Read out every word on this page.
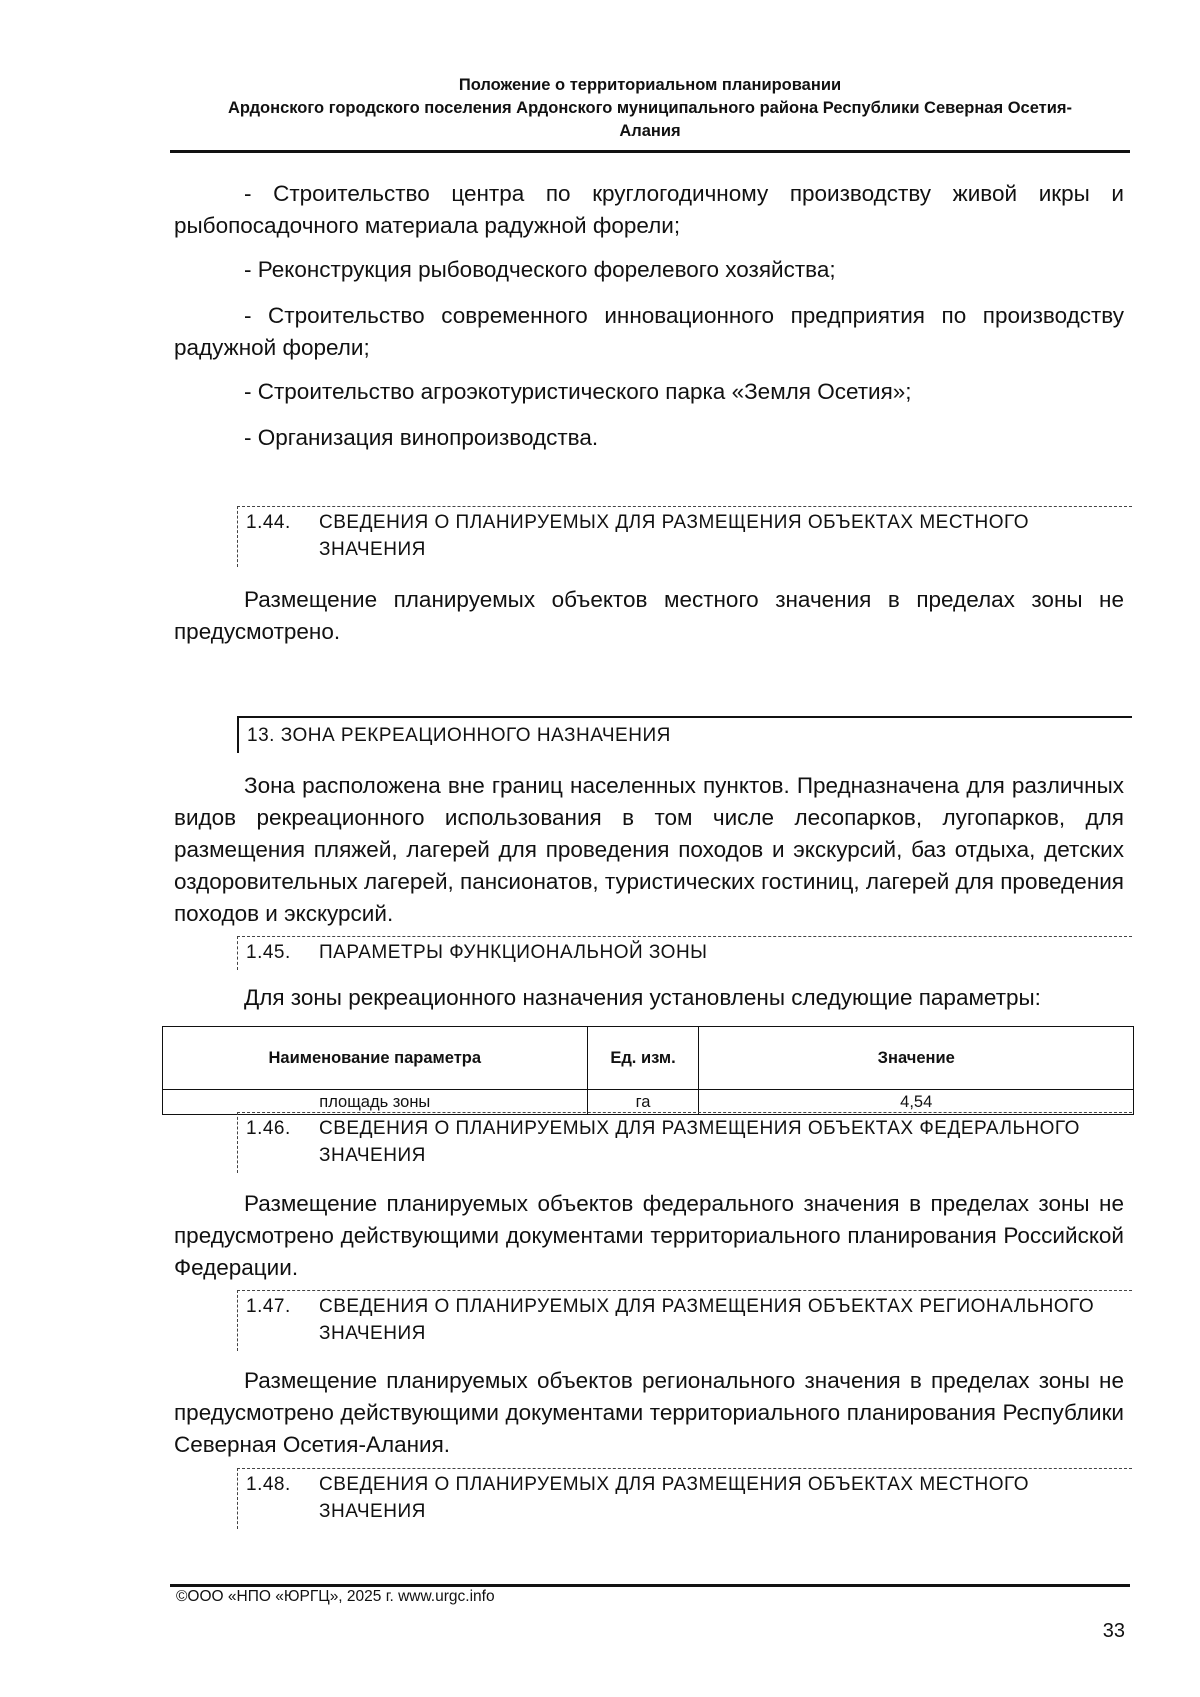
Положение о территориальном планировании
Ардонского городского поселения Ардонского муниципального района Республики Северная Осетия-
Алания

- Строительство центра по круглогодичному производству живой икры и рыбопосадочного материала радужной форели;

- Реконструкция рыбоводческого форелевого хозяйства;

- Строительство современного инновационного предприятия по производству радужной форели;

- Строительство агроэкотуристического парка «Земля Осетия»;

- Организация винопроизводства.

1.44. СВЕДЕНИЯ О ПЛАНИРУЕМЫХ ДЛЯ РАЗМЕЩЕНИЯ ОБЪЕКТАХ МЕСТНОГО ЗНАЧЕНИЯ

Размещение планируемых объектов местного значения в пределах зоны не предусмотрено.

13. ЗОНА РЕКРЕАЦИОННОГО НАЗНАЧЕНИЯ

Зона расположена вне границ населенных пунктов. Предназначена для различных видов рекреационного использования в том числе лесопарков, лугопарков, для размещения пляжей, лагерей для проведения походов и экскурсий, баз отдыха, детских оздоровительных лагерей, пансионатов, туристических гостиниц, лагерей для проведения походов и экскурсий.

1.45. ПАРАМЕТРЫ ФУНКЦИОНАЛЬНОЙ ЗОНЫ

Для зоны рекреационного назначения установлены следующие параметры:

Наименование параметра	Ед. изм.	Значение
площадь зоны	га	4,54
1.46. СВЕДЕНИЯ О ПЛАНИРУЕМЫХ ДЛЯ РАЗМЕЩЕНИЯ ОБЪЕКТАХ ФЕДЕРАЛЬНОГО ЗНАЧЕНИЯ

Размещение планируемых объектов федерального значения в пределах зоны не предусмотрено действующими документами территориального планирования Российской Федерации.

1.47. СВЕДЕНИЯ О ПЛАНИРУЕМЫХ ДЛЯ РАЗМЕЩЕНИЯ ОБЪЕКТАХ РЕГИОНАЛЬНОГО ЗНАЧЕНИЯ

Размещение планируемых объектов регионального значения в пределах зоны не предусмотрено действующими документами территориального планирования Республики Северная Осетия-Алания.

1.48. СВЕДЕНИЯ О ПЛАНИРУЕМЫХ ДЛЯ РАЗМЕЩЕНИЯ ОБЪЕКТАХ МЕСТНОГО ЗНАЧЕНИЯ
©ООО «НПО «ЮРГЦ», 2025 г. www.urgc.info
33
